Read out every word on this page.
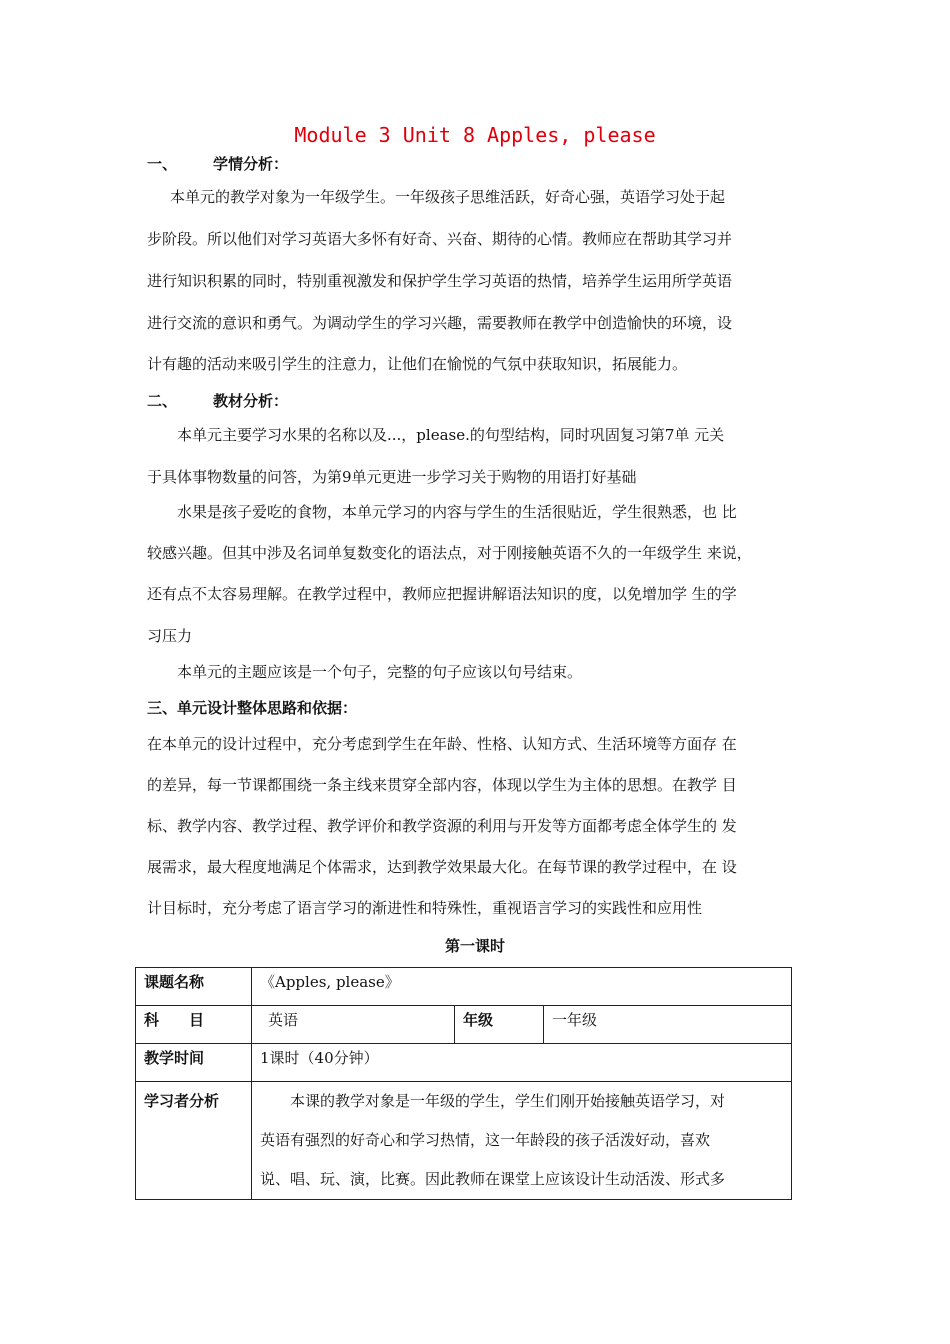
Module 3 Unit 8 Apples, please
一、 学情分析：
本单元的教学对象为一年级学生。一年级孩子思维活跃，好奇心强，英语学习处于起
步阶段。所以他们对学习英语大多怀有好奇、兴奋、期待的心情。教师应在帮助其学习并
进行知识积累的同时，特别重视激发和保护学生学习英语的热情，培养学生运用所学英语
进行交流的意识和勇气。为调动学生的学习兴趣，需要教师在教学中创造愉快的环境，设
计有趣的活动来吸引学生的注意力，让他们在愉悦的气氛中获取知识，拓展能力。
二、 教材分析：
本单元主要学习水果的名称以及...，please.的句型结构，同时巩固复习第7单 元关
于具体事物数量的问答，为第9单元更进一步学习关于购物的用语打好基础
水果是孩子爱吃的食物，本单元学习的内容与学生的生活很贴近，学生很熟悉，也 比
较感兴趣。但其中涉及名词单复数变化的语法点，对于刚接触英语不久的一年级学生 来说，
还有点不太容易理解。在教学过程中，教师应把握讲解语法知识的度，以免增加学 生的学
习压力
本单元的主题应该是一个句子，完整的句子应该以句号结束。
三、单元设计整体思路和依据：
在本单元的设计过程中，充分考虑到学生在年龄、性格、认知方式、生活环境等方面存 在
的差异，每一节课都围绕一条主线来贯穿全部内容，体现以学生为主体的思想。在教学 目
标、教学内容、教学过程、教学评价和教学资源的利用与开发等方面都考虑全体学生的 发
展需求，最大程度地满足个体需求，达到教学效果最大化。在每节课的教学过程中，在 设
计目标时，充分考虑了语言学习的渐进性和特殊性，重视语言学习的实践性和应用性
第一课时
课题名称	《Apples, please》		
科　　目	英语	年级	一年级
教学时间	1课时（40分钟）		
学习者分析	本课的教学对象是一年级的学生，学生们刚开始接触英语学习，对
英语有强烈的好奇心和学习热情，这一年龄段的孩子活泼好动，喜欢
说、唱、玩、演，比赛。因此教师在课堂上应该设计生动活泼、形式多		
